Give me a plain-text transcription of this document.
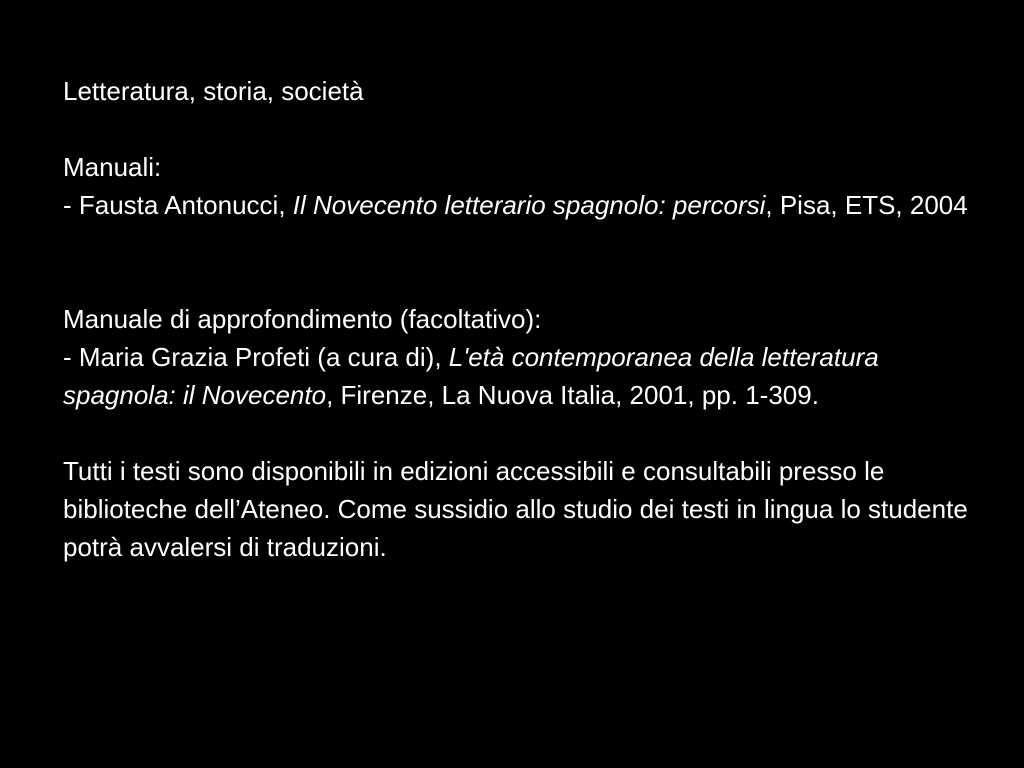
Letteratura, storia, società

Manuali:

- Fausta Antonucci, Il Novecento letterario spagnolo: percorsi, Pisa, ETS, 2004

Manuale di approfondimento (facoltativo):

- Maria Grazia Profeti (a cura di), L'età contemporanea della letteratura spagnola: il Novecento, Firenze, La Nuova Italia, 2001, pp. 1-309.

Tutti i testi sono disponibili in edizioni accessibili e consultabili presso le biblioteche dell’Ateneo. Come sussidio allo studio dei testi in lingua lo studente potrà avvalersi di traduzioni.
